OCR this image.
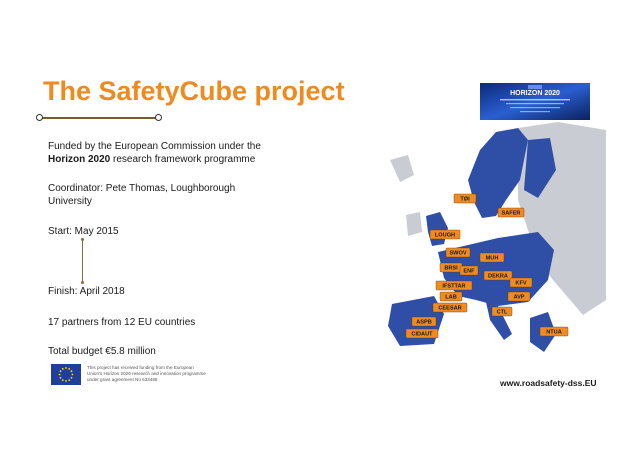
The SafetyCube project
Funded by the European Commission under the
Horizon 2020 research framework programme
Coordinator: Pete Thomas, Loughborough
University
Start: May 2015
Finish: April 2018
17 partners from 12 EU countries
Total budget €5.8 million
This project has received funding from the European Union's Horizon 2020 research and innovation programme under grant agreement No 633485
HORIZON 2020
TØI
SAFER
LOUGH
SWOV
MUH
BRSI ENF
DEKRA
KFV
IFSTTAR
LAB	AVP
CEESAR
CTL
ASPB
CIDAUT	NTUA
www.roadsafety-dss.EU
